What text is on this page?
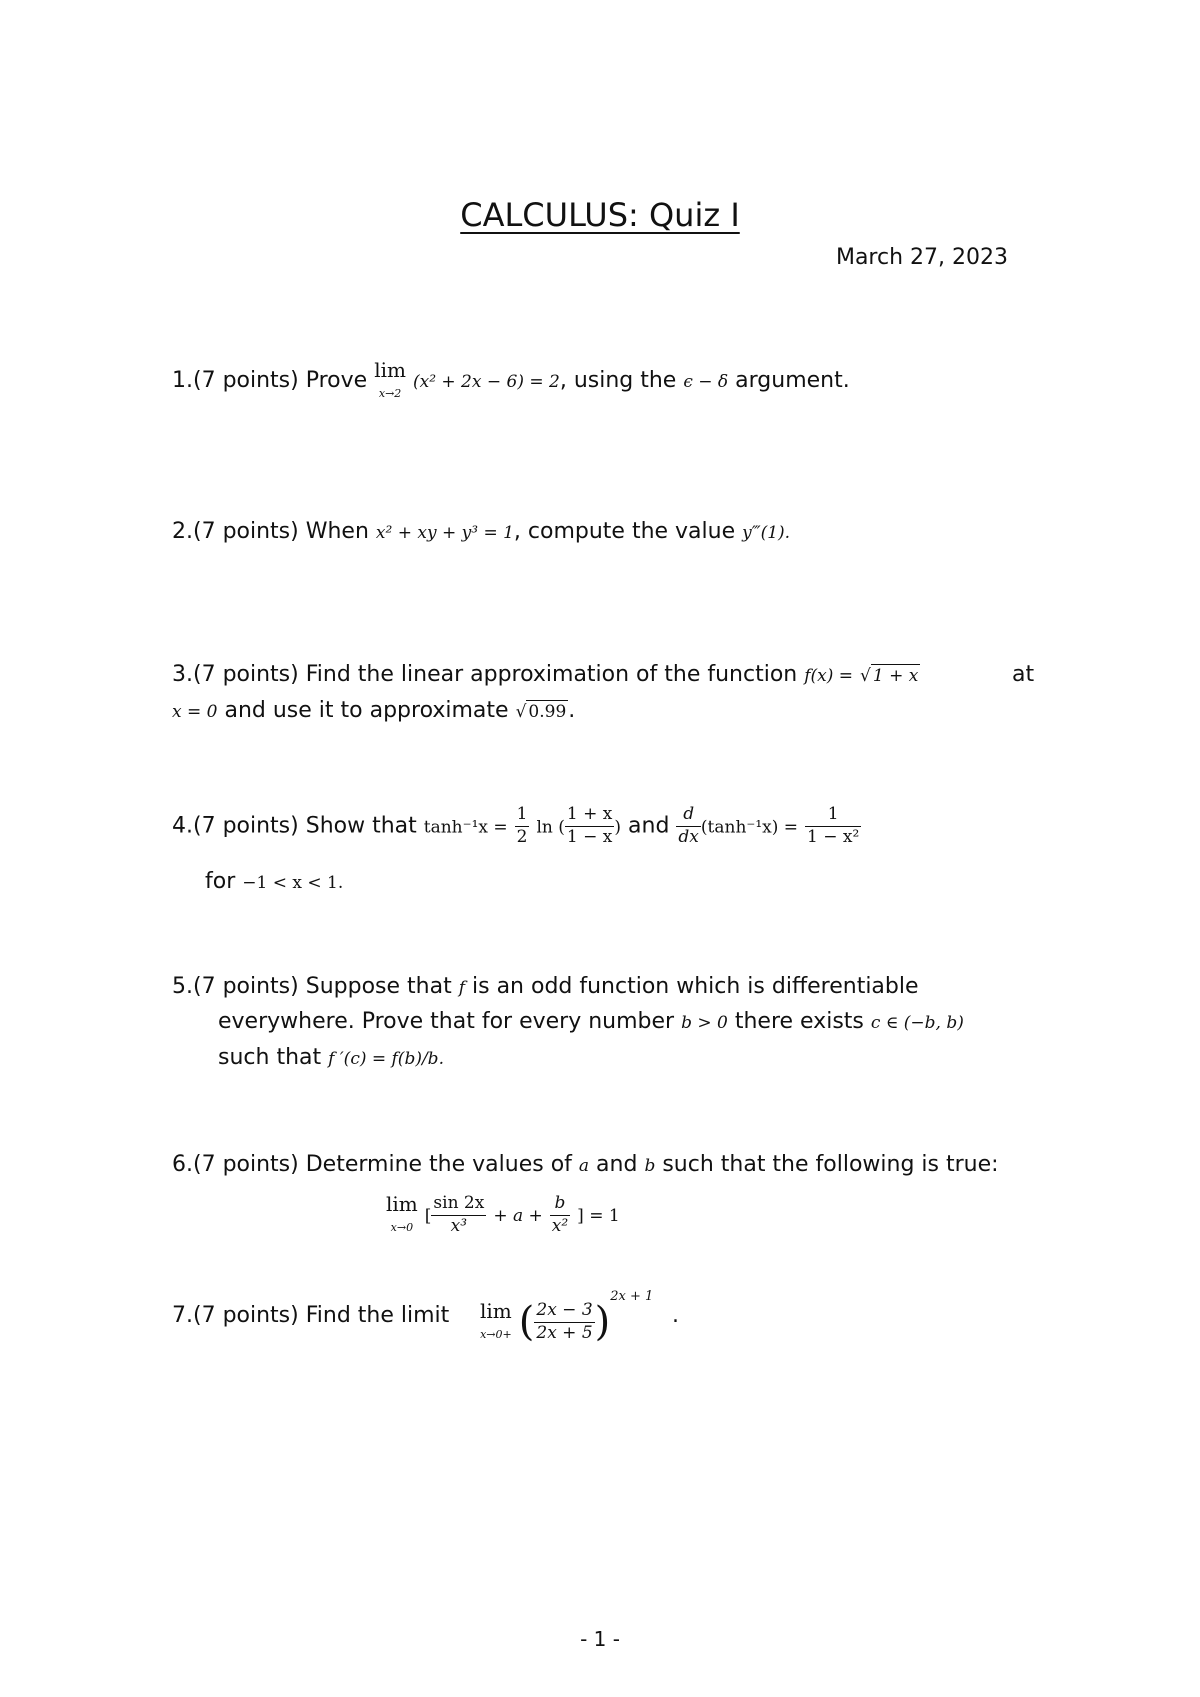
CALCULUS: Quiz I
March 27, 2023
1.(7 points) Prove lim
x→2 (x² + 2x − 6) = 2, using the ϵ − δ argument.
2.(7 points) When x² + xy + y³ = 1, compute the value y‴(1).
3.(7 points) Find the linear approximation of the function f(x) = √ 1 + x	at
x = 0 and use it to approximate √ 0.99.
4.(7 points) Show that $\tanh^{-1}x = \frac{1}{2}$ ln ( $\frac{1 + x}{1 - x}$ ) and $\frac{d}{dx} (\tanh^{-1}x) = \frac{1}{\text{1 − x²}}$
for −1 < x < 1.
5.(7 points) Suppose that f is an odd function which is differentiable
everywhere. Prove that for every number b > 0 there exists c ∈ (−b, b)
such that f ′(c) = f(b)/b.
6.(7 points) Determine the values of a and b such that the following is true:
lim
x→0 [ $\frac{\sin 2x}{\text{x³}} + a + \frac{b}{\text{x²}}$ ] = 1
7.(7 points) Find the limit lim
x→0+ ( $\frac{2x - 3}{2x + 5} )^{2x + 1}$
.
- 1 -
